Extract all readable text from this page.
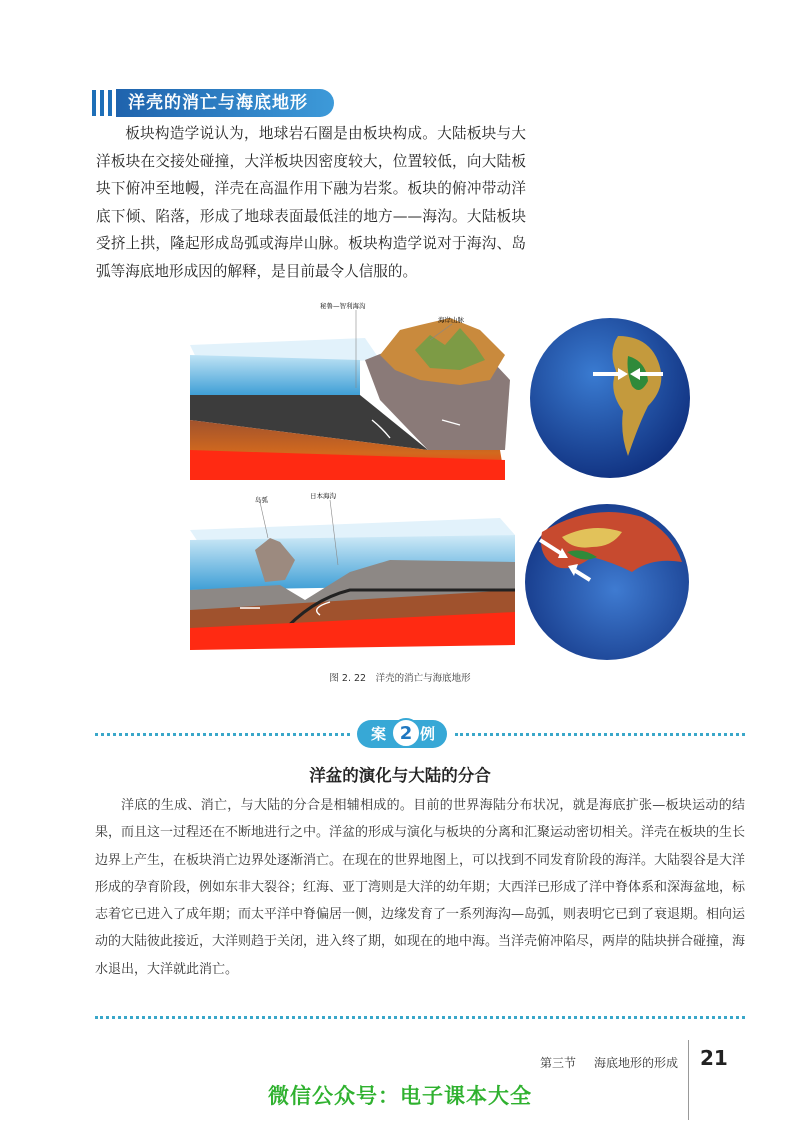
洋壳的消亡与海底地形

板块构造学说认为，地球岩石圈是由板块构成。大陆板块与大洋板块在交接处碰撞，大洋板块因密度较大，位置较低，向大陆板块下俯冲至地幔，洋壳在高温作用下融为岩浆。板块的俯冲带动洋底下倾、陷落，形成了地球表面最低洼的地方——海沟。大陆板块受挤上拱，隆起形成岛弧或海岸山脉。板块构造学说对于海沟、岛弧等海底地形成因的解释，是目前最令人信服的。

秘鲁—智利海沟
海岸山脉
岛弧	日本海沟
图 2. 22　洋壳的消亡与海底地形
案 2 例
洋盆的演化与大陆的分合

洋底的生成、消亡，与大陆的分合是相辅相成的。目前的世界海陆分布状况，就是海底扩张—板块运动的结果，而且这一过程还在不断地进行之中。洋盆的形成与演化与板块的分离和汇聚运动密切相关。洋壳在板块的生长边界上产生，在板块消亡边界处逐渐消亡。在现在的世界地图上，可以找到不同发育阶段的海洋。大陆裂谷是大洋形成的孕育阶段，例如东非大裂谷；红海、亚丁湾则是大洋的幼年期；大西洋已形成了洋中脊体系和深海盆地，标志着它已进入了成年期；而太平洋中脊偏居一侧，边缘发育了一系列海沟—岛弧，则表明它已到了衰退期。相向运动的大陆彼此接近，大洋则趋于关闭，进入终了期，如现在的地中海。当洋壳俯冲陷尽，两岸的陆块拼合碰撞，海水退出，大洋就此消亡。

第三节 海底地形的形成 21
微信公众号：电子课本大全
